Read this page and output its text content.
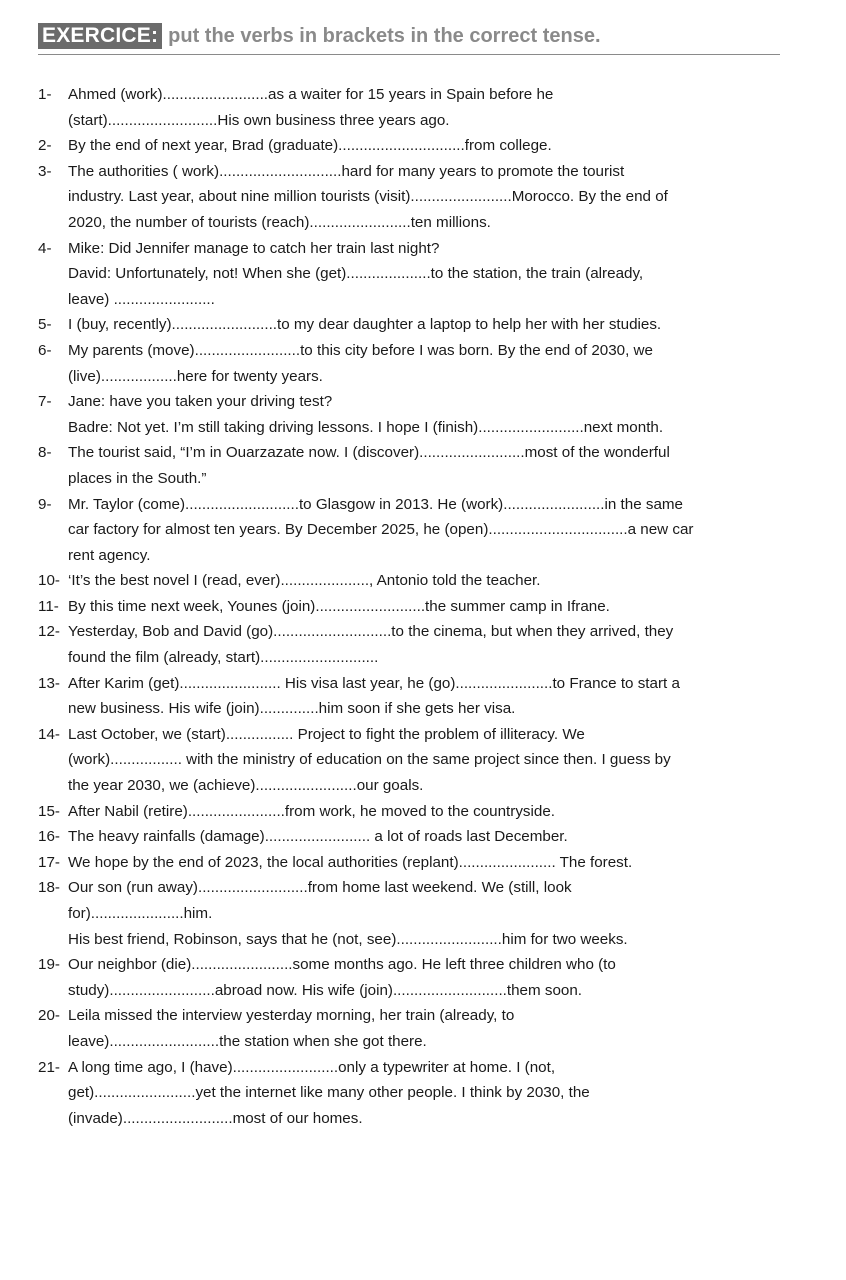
EXERCICE: put the verbs in brackets in the correct tense.
1-	Ahmed (work).........................as a waiter for 15 years in Spain before he
(start)..........................His own business three years ago.
2-	By the end of next year, Brad (graduate)..............................from college.
3-	The authorities ( work).............................hard for many years to promote the tourist
industry. Last year, about nine million tourists (visit)........................Morocco. By the end of
2020, the number of tourists (reach)........................ten millions.
4-	Mike: Did Jennifer manage to catch her train last night?
David: Unfortunately, not! When she (get)....................to the station, the train (already,
leave) ........................
5-	I (buy, recently).........................to my dear daughter a laptop to help her with her studies.
6-	My parents (move).........................to this city before I was born. By the end of 2030, we
(live)..................here for twenty years.
7-	Jane: have you taken your driving test?
Badre: Not yet. I’m still taking driving lessons. I hope I (finish).........................next month.
8-	The tourist said, “I’m in Ouarzazate now. I (discover).........................most of the wonderful
places in the South.”
9-	Mr. Taylor (come)...........................to Glasgow in 2013. He (work)........................in the same
car factory for almost ten years. By December 2025, he (open).................................a new car
rent agency.
10- ‘It’s the best novel I (read, ever)....................., Antonio told the teacher.
11- By this time next week, Younes (join)..........................the summer camp in Ifrane.
12- Yesterday, Bob and David (go)............................to the cinema, but when they arrived, they
found the film (already, start)............................
13- After Karim (get)........................ His visa last year, he (go).......................to France to start a
new business. His wife (join)..............him soon if she gets her visa.
14- Last October, we (start)................ Project to fight the problem of illiteracy. We
(work)................. with the ministry of education on the same project since then. I guess by
the year 2030, we (achieve)........................our goals.
15- After Nabil (retire).......................from work, he moved to the countryside.
16- The heavy rainfalls (damage)......................... a lot of roads last December.
17- We hope by the end of 2023, the local authorities (replant)....................... The forest.
18- Our son (run away)..........................from home last weekend. We (still, look
for)......................him.
His best friend, Robinson, says that he (not, see).........................him for two weeks.
19- Our neighbor (die)........................some months ago. He left three children who (to
study).........................abroad now. His wife (join)...........................them soon.
20- Leila missed the interview yesterday morning, her train (already, to
leave)..........................the station when she got there.
21- A long time ago, I (have).........................only a typewriter at home. I (not,
get)........................yet the internet like many other people. I think by 2030, the
(invade)..........................most of our homes.
